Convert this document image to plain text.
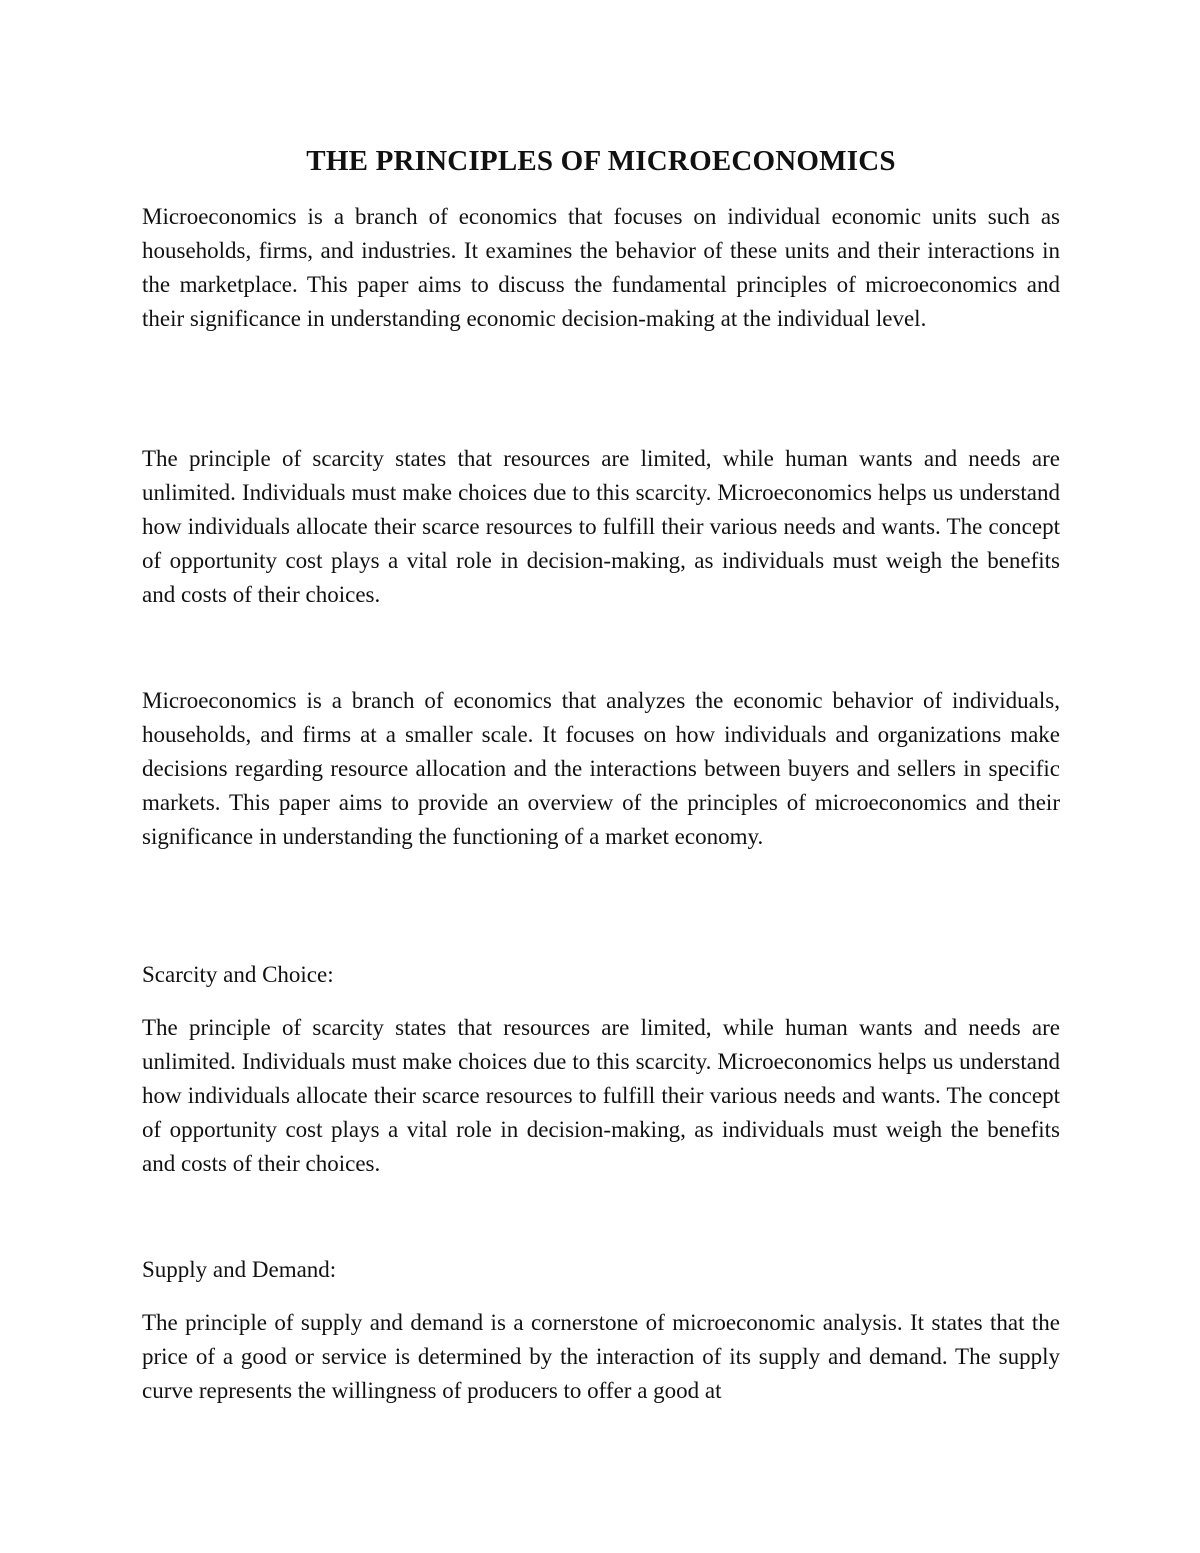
THE PRINCIPLES OF MICROECONOMICS

Microeconomics is a branch of economics that focuses on individual economic units such as households, firms, and industries. It examines the behavior of these units and their interactions in the marketplace. This paper aims to discuss the fundamental principles of microeconomics and their significance in understanding economic decision-making at the individual level.

The principle of scarcity states that resources are limited, while human wants and needs are unlimited. Individuals must make choices due to this scarcity. Microeconomics helps us understand how individuals allocate their scarce resources to fulfill their various needs and wants. The concept of opportunity cost plays a vital role in decision-making, as individuals must weigh the benefits and costs of their choices.

Microeconomics is a branch of economics that analyzes the economic behavior of individuals, households, and firms at a smaller scale. It focuses on how individuals and organizations make decisions regarding resource allocation and the interactions between buyers and sellers in specific markets. This paper aims to provide an overview of the principles of microeconomics and their significance in understanding the functioning of a market economy.

Scarcity and Choice:

The principle of scarcity states that resources are limited, while human wants and needs are unlimited. Individuals must make choices due to this scarcity. Microeconomics helps us understand how individuals allocate their scarce resources to fulfill their various needs and wants. The concept of opportunity cost plays a vital role in decision-making, as individuals must weigh the benefits and costs of their choices.

Supply and Demand:

The principle of supply and demand is a cornerstone of microeconomic analysis. It states that the price of a good or service is determined by the interaction of its supply and demand. The supply curve represents the willingness of producers to offer a good at
